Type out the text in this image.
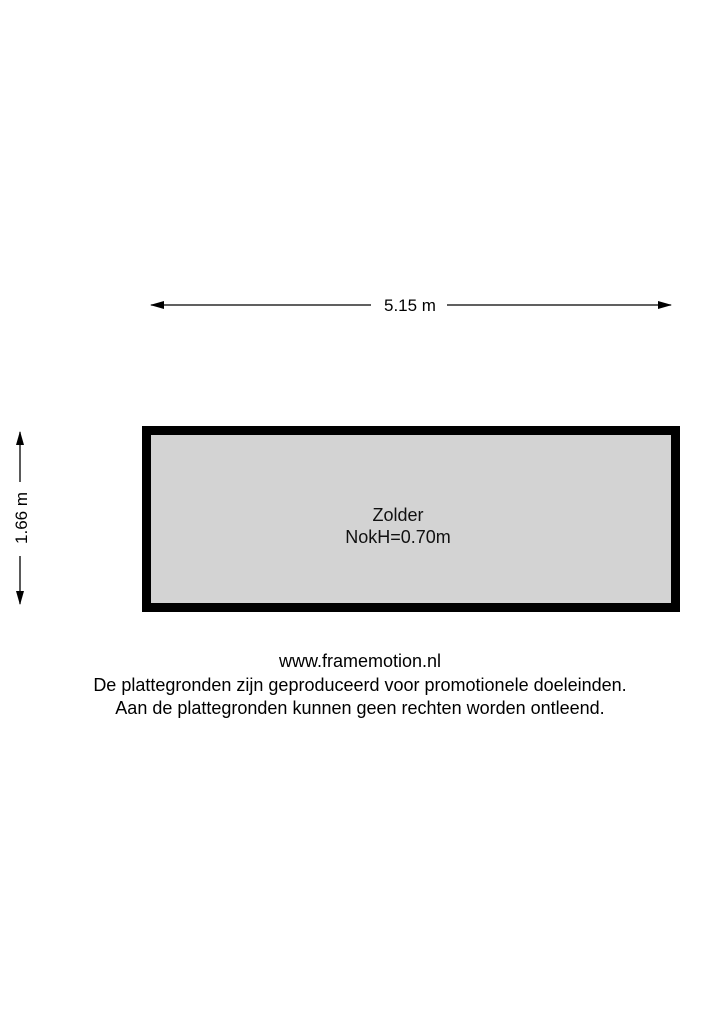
5.15 m
1.66 m	Zolder
NokH=0.70m
www.framemotion.nl
De plattegronden zijn geproduceerd voor promotionele doeleinden.
Aan de plattegronden kunnen geen rechten worden ontleend.
